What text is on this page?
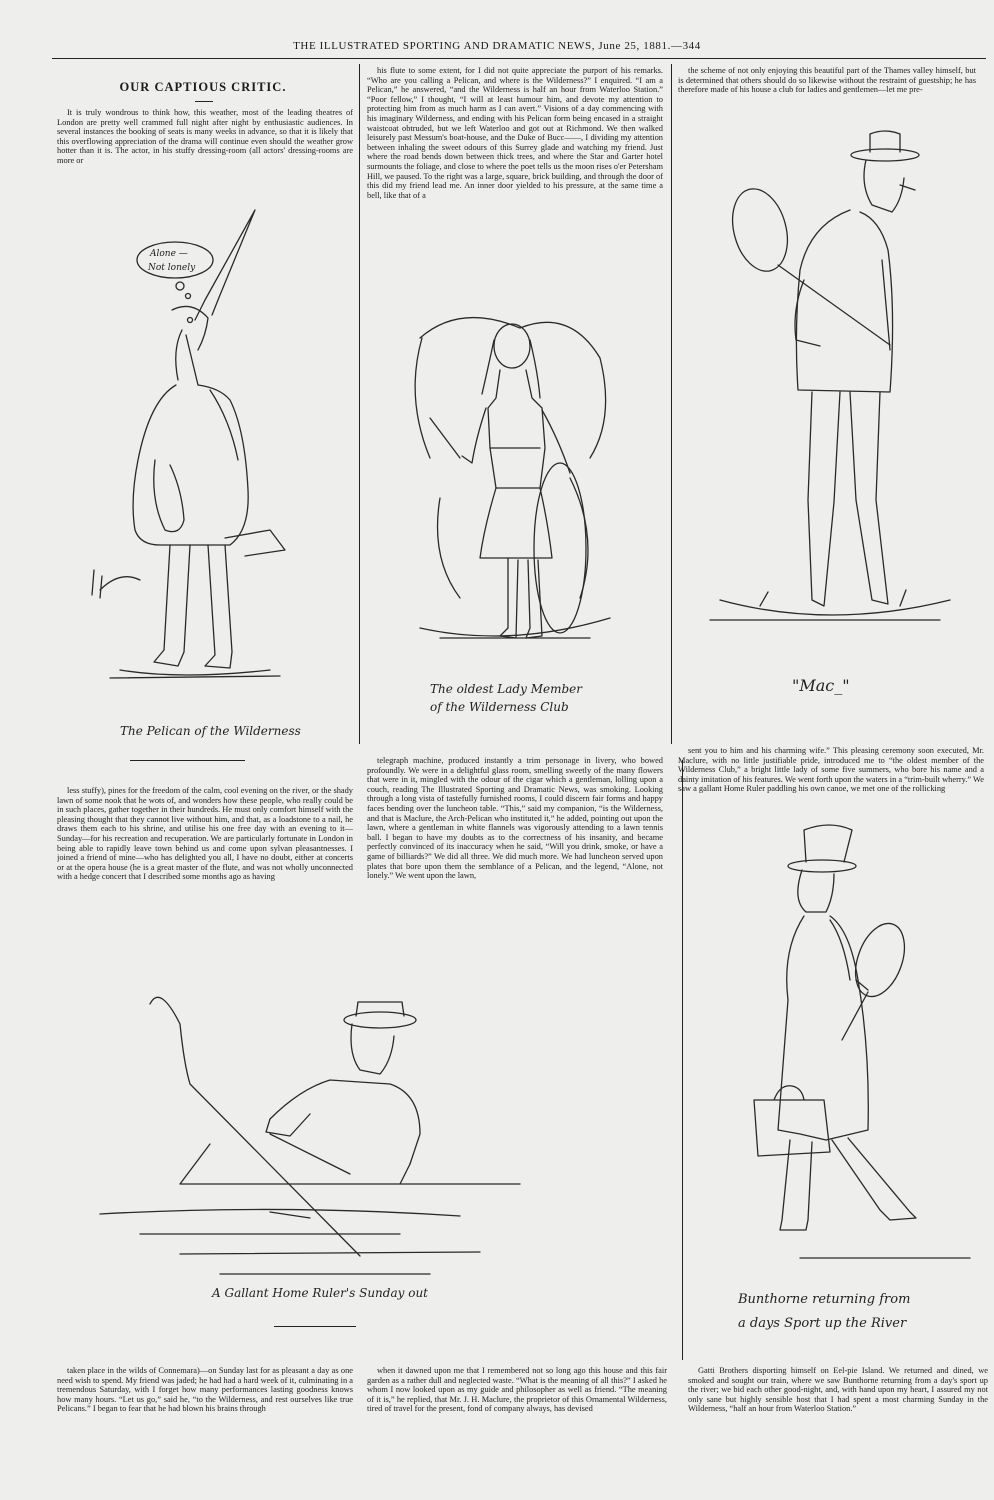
THE ILLUSTRATED SPORTING AND DRAMATIC NEWS, June 25, 1881.—344
OUR CAPTIOUS CRITIC.

It is truly wondrous to think how, this weather, most of the leading theatres of London are pretty well crammed full night after night by enthusiastic audiences. In several instances the booking of seats is many weeks in advance, so that it is likely that this overflowing appreciation of the drama will continue even should the weather grow hotter than it is. The actor, in his stuffy dressing-room (all actors' dressing-rooms are more or

less stuffy), pines for the freedom of the calm, cool evening on the river, or the shady lawn of some nook that he wots of, and wonders how these people, who really could be in such places, gather together in their hundreds. He must only comfort himself with the pleasing thought that they cannot live without him, and that, as a loadstone to a nail, he draws them each to his shrine, and utilise his one free day with an evening to it—Sunday—for his recreation and recuperation. We are particularly fortunate in London in being able to rapidly leave town behind us and come upon sylvan pleasantnesses. I joined a friend of mine—who has delighted you all, I have no doubt, either at concerts or at the opera house (he is a great master of the flute, and was not wholly unconnected with a hedge concert that I described some months ago as having

taken place in the wilds of Connemara)—on Sunday last for as pleasant a day as one need wish to spend. My friend was jaded; he had had a hard week of it, culminating in a tremendous Saturday, with I forget how many performances lasting goodness knows how many hours. “Let us go,” said he, “to the Wilderness, and rest ourselves like true Pelicans.” I began to fear that he had blown his brains through

his flute to some extent, for I did not quite appreciate the purport of his remarks. “Who are you calling a Pelican, and where is the Wilderness?” I enquired. “I am a Pelican,” he answered, “and the Wilderness is half an hour from Waterloo Station.” “Poor fellow,” I thought, “I will at least humour him, and devote my attention to protecting him from as much harm as I can avert.” Visions of a day commencing with his imaginary Wilderness, and ending with his Pelican form being encased in a straight waistcoat obtruded, but we left Waterloo and got out at Richmond. We then walked leisurely past Messum's boat-house, and the Duke of Bucc——, I dividing my attention between inhaling the sweet odours of this Surrey glade and watching my friend. Just where the road bends down between thick trees, and where the Star and Garter hotel surmounts the foliage, and close to where the poet tells us the moon rises o'er Petersham Hill, we paused. To the right was a large, square, brick building, and through the door of this did my friend lead me. An inner door yielded to his pressure, at the same time a bell, like that of a

telegraph machine, produced instantly a trim personage in livery, who bowed profoundly. We were in a delightful glass room, smelling sweetly of the many flowers that were in it, mingled with the odour of the cigar which a gentleman, lolling upon a couch, reading The Illustrated Sporting and Dramatic News, was smoking. Looking through a long vista of tastefully furnished rooms, I could discern fair forms and happy faces bending over the luncheon table. “This,” said my companion, “is the Wilderness, and that is Maclure, the Arch-Pelican who instituted it,” he added, pointing out upon the lawn, where a gentleman in white flannels was vigorously attending to a lawn tennis ball. I began to have my doubts as to the correctness of his insanity, and became perfectly convinced of its inaccuracy when he said, “Will you drink, smoke, or have a game of billiards?” We did all three. We did much more. We had luncheon served upon plates that bore upon them the semblance of a Pelican, and the legend, “Alone, not lonely.” We went upon the lawn,

when it dawned upon me that I remembered not so long ago this house and this fair garden as a rather dull and neglected waste. “What is the meaning of all this?” I asked he whom I now looked upon as my guide and philosopher as well as friend. “The meaning of it is,” he replied, that Mr. J. H. Maclure, the proprietor of this Ornamental Wilderness, tired of travel for the present, fond of company always, has devised

the scheme of not only enjoying this beautiful part of the Thames valley himself, but is determined that others should do so likewise without the restraint of guestship; he has therefore made of his house a club for ladies and gentlemen—let me pre-

sent you to him and his charming wife.” This pleasing ceremony soon executed, Mr. Maclure, with no little justifiable pride, introduced me to “the oldest member of the Wilderness Club,” a bright little lady of some five summers, who bore his name and a dainty imitation of his features. We went forth upon the waters in a “trim-built wherry.” We saw a gallant Home Ruler paddling his own canoe, we met one of the rollicking

Gatti Brothers disporting himself on Eel-pie Island. We returned and dined, we smoked and sought our train, where we saw Bunthorne returning from a day's sport up the river; we bid each other good-night, and, with hand upon my heart, I assured my not only sane but highly sensible host that I had spent a most charming Sunday in the Wilderness, “half an hour from Waterloo Station.”

Alone —
Not lonely
The Pelican of the Wilderness
The oldest Lady Member
of the Wilderness Club
"Mac_"
A Gallant Home Ruler's Sunday out	Bunthorne returning from
a days Sport up the River
